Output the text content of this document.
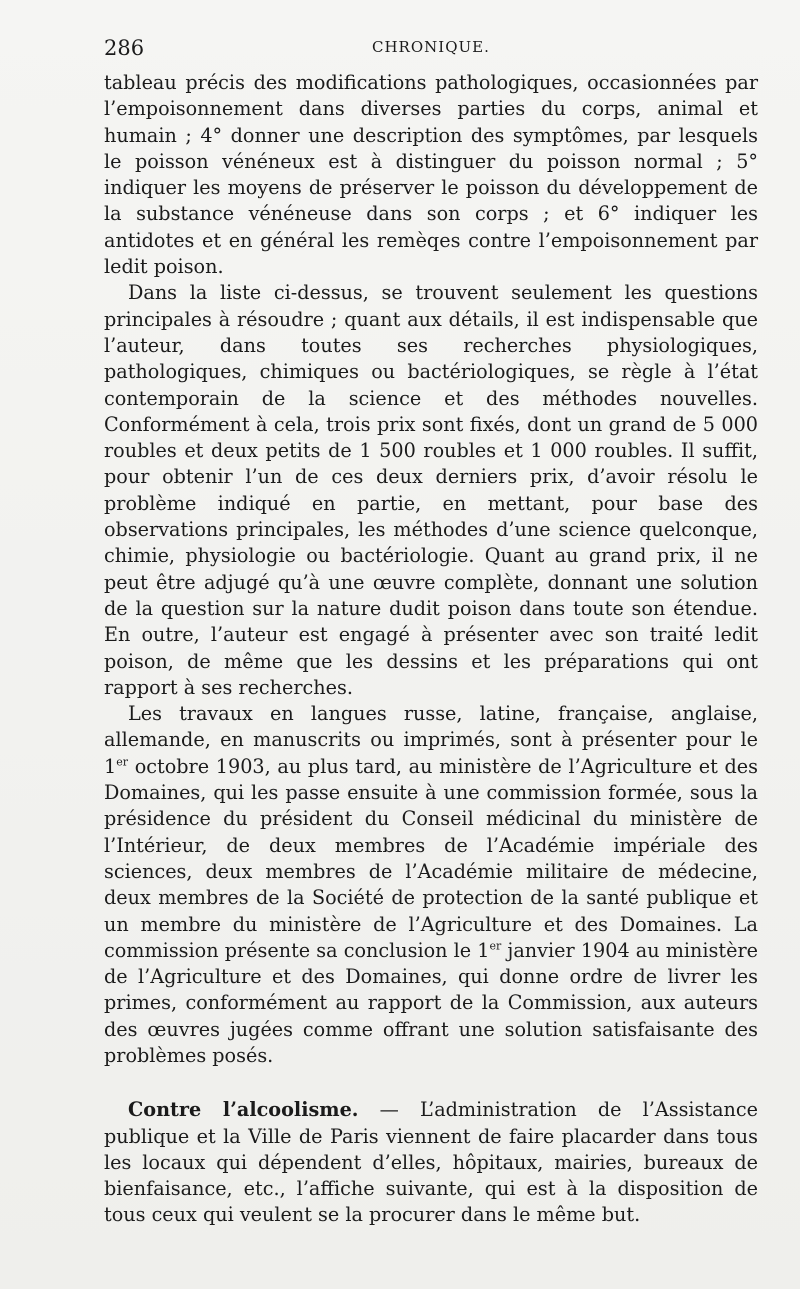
286	CHRONIQUE.

tableau précis des modifications pathologiques, occasionnées par l’empoisonnement dans diverses parties du corps, animal et humain ; 4° donner une description des symptômes, par lesquels le poisson vénéneux est à distinguer du poisson normal ; 5° indiquer les moyens de préserver le poisson du développement de la substance vénéneuse dans son corps ; et 6° indiquer les antidotes et en général les remèqes contre l’empoisonnement par ledit poison.

Dans la liste ci-dessus, se trouvent seulement les questions principales à résoudre ; quant aux détails, il est indispensable que l’auteur, dans toutes ses recherches physiologiques, pathologiques, chimiques ou bactériologiques, se règle à l’état contemporain de la science et des méthodes nouvelles. Conformément à cela, trois prix sont fixés, dont un grand de 5 000 roubles et deux petits de 1 500 roubles et 1 000 roubles. Il suffit, pour obtenir l’un de ces deux derniers prix, d’avoir résolu le problème indiqué en partie, en mettant, pour base des observations principales, les méthodes d’une science quelconque, chimie, physiologie ou bactériologie. Quant au grand prix, il ne peut être adjugé qu’à une œuvre complète, donnant une solution de la question sur la nature dudit poison dans toute son étendue. En outre, l’auteur est engagé à présenter avec son traité ledit poison, de même que les dessins et les préparations qui ont rapport à ses recherches.

Les travaux en langues russe, latine, française, anglaise, allemande, en manuscrits ou imprimés, sont à présenter pour le 1er octobre 1903, au plus tard, au ministère de l’Agriculture et des Domaines, qui les passe ensuite à une commission formée, sous la présidence du président du Conseil médicinal du ministère de l’Intérieur, de deux membres de l’Académie impériale des sciences, deux membres de l’Académie militaire de médecine, deux membres de la Société de protection de la santé publique et un membre du ministère de l’Agriculture et des Domaines. La commission présente sa conclusion le 1er janvier 1904 au ministère de l’Agriculture et des Domaines, qui donne ordre de livrer les primes, conformément au rapport de la Commission, aux auteurs des œuvres jugées comme offrant une solution satisfaisante des problèmes posés.

Contre l’alcoolisme. — L’administration de l’Assistance publique et la Ville de Paris viennent de faire placarder dans tous les locaux qui dépendent d’elles, hôpitaux, mairies, bureaux de bienfaisance, etc., l’affiche suivante, qui est à la disposition de tous ceux qui veulent se la procurer dans le même but.
